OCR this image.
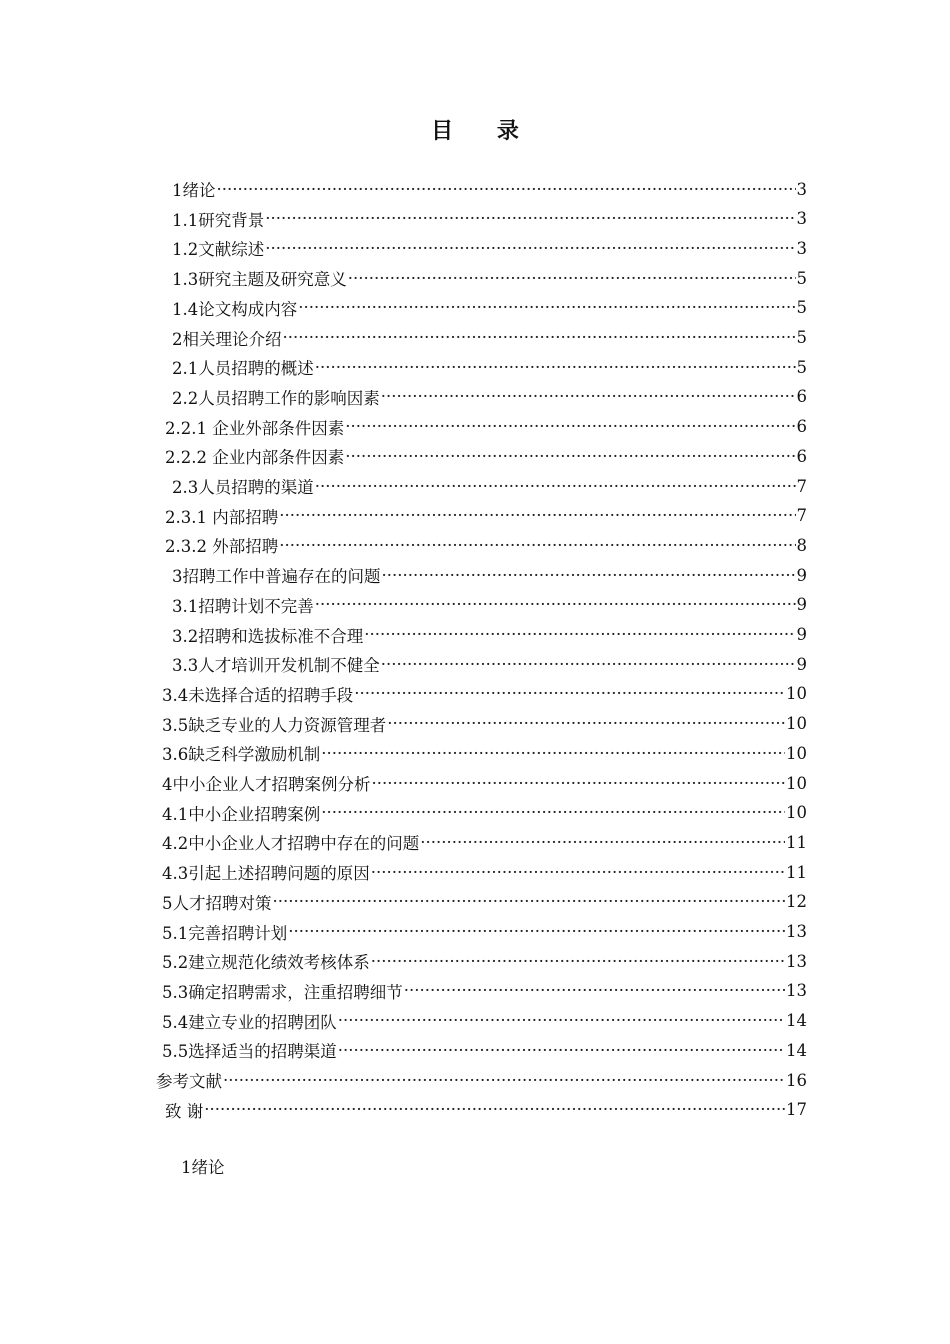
目 录
1绪论 ·····	3
1.1研究背景 ·····	3
1.2文献综述 ·····	3
1.3研究主题及研究意义 ·····	5
1.4论文构成内容 ·····	5
2相关理论介绍 ·····	5
2.1人员招聘的概述 ·····	5
2.2人员招聘工作的影响因素 ·····	6
2.2.1 企业外部条件因素 ·····	6
2.2.2 企业内部条件因素 ·····	6
2.3人员招聘的渠道 ·····	7
2.3.1 内部招聘 ·····	7
2.3.2 外部招聘 ·····	8
3招聘工作中普遍存在的问题 ·····	9
3.1招聘计划不完善 ·····	9
3.2招聘和选拔标准不合理 ·····	9
3.3人才培训开发机制不健全 ·····	9
3.4未选择合适的招聘手段 ·····	10
3.5缺乏专业的人力资源管理者 ·····	10
3.6缺乏科学激励机制 ·····	10
4中小企业人才招聘案例分析 ·····	10
4.1中小企业招聘案例 ·····	10
4.2中小企业人才招聘中存在的问题 ·····	11
4.3引起上述招聘问题的原因 ·····	11
5人才招聘对策 ·····	12
5.1完善招聘计划 ·····	13
5.2建立规范化绩效考核体系 ·····	13
5.3确定招聘需求，注重招聘细节 ·····	13
5.4建立专业的招聘团队 ·····	14
5.5选择适当的招聘渠道 ·····	14
参考文献 ·····	16
致 谢 ·····	17
1绪论
